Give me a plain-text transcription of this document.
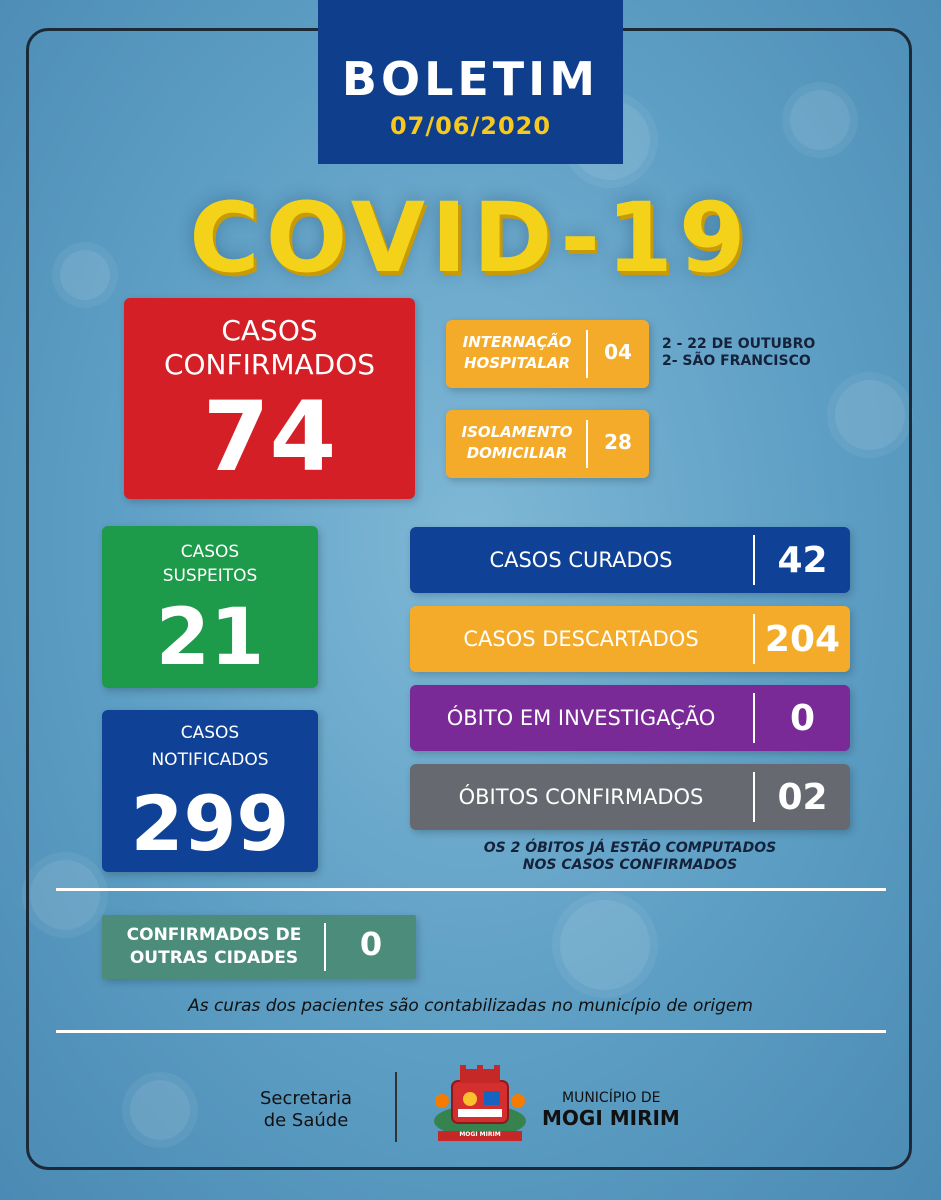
BOLETIM
07/06/2020
COVID-19
CASOS
CONFIRMADOS
74
INTERNAÇÃO
HOSPITALAR	04	2 - 22 DE OUTUBRO
2- SÃO FRANCISCO
ISOLAMENTO
DOMICILIAR	28
CASOS
SUSPEITOS
21
CASOS
NOTIFICADOS
299
CASOS CURADOS	42
CASOS DESCARTADOS	204
ÓBITO EM INVESTIGAÇÃO	0
ÓBITOS CONFIRMADOS	02
OS 2 ÓBITOS JÁ ESTÃO COMPUTADOS
NOS CASOS CONFIRMADOS
CONFIRMADOS DE
OUTRAS CIDADES	0
As curas dos pacientes são contabilizadas no município de origem
Secretaria
de Saúde
MOGI MIRIM
MUNICÍPIO DE
MOGI MIRIM
